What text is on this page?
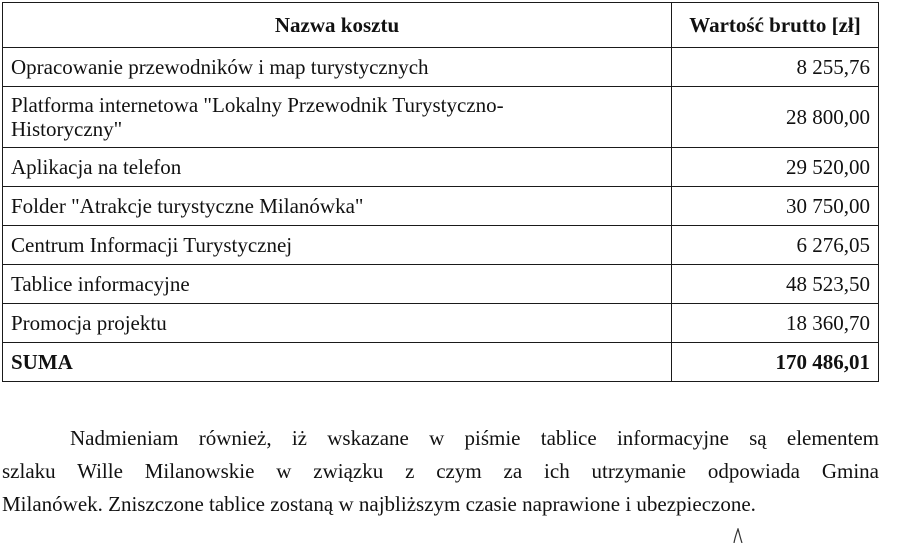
Nazwa kosztu	Wartość brutto [zł]

Opracowanie przewodników i map turystycznych	8 255,76

Platforma internetowa "Lokalny Przewodnik Turystyczno-
Historyczny"	28 800,00

Aplikacja na telefon	29 520,00

Folder "Atrakcje turystyczne Milanówka"	30 750,00

Centrum Informacji Turystycznej	6 276,05

Tablice informacyjne	48 523,50

Promocja projektu	18 360,70
SUMA	170 486,01

Nadmieniam również, iż wskazane w piśmie tablice informacyjne są elementem
szlaku Wille Milanowskie w związku z czym za ich utrzymanie odpowiada Gmina
Milanówek. Zniszczone tablice zostaną w najbliższym czasie naprawione i ubezpieczone.
